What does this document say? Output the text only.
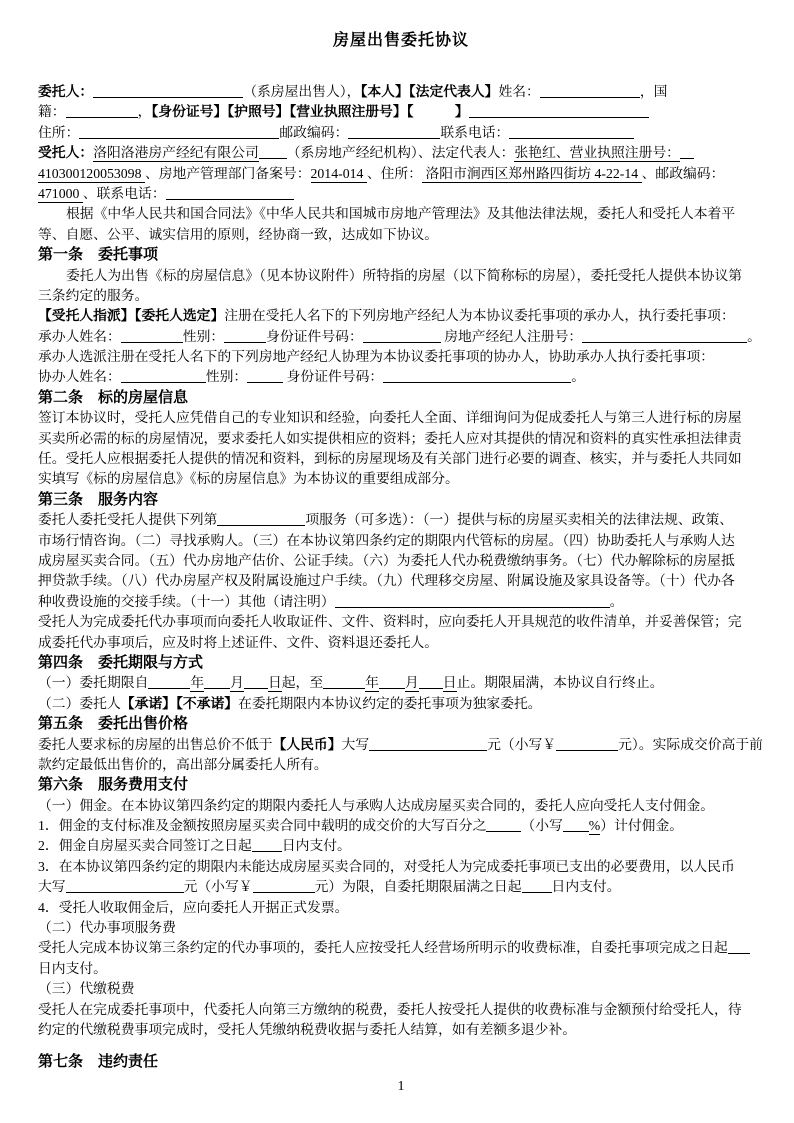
房屋出售委托协议
委托人：	（系房屋出售人），【本人】【法定代表人】姓名：	，国
籍：	，【身份证号】【护照号】【营业执照注册号】【　　　	】
住所：	邮政编码：	联系电话：
受托人：洛阳洛港房产经纪有限公司 （系房地产经纪机构）、法定代表人：张艳红、营业执照注册号：
410300120053098 、房地产管理部门备案号：2014-014 、住所： 洛阳市涧西区郑州路四街坊 4-22-14 、邮政编码：
471000 、联系电话：
根据《中华人民共和国合同法》《中华人民共和国城市房地产管理法》及其他法律法规，委托人和受托人本着平
等、自愿、公平、诚实信用的原则，经协商一致，达成如下协议。
第一条　委托事项
委托人为出售《标的房屋信息》（见本协议附件）所特指的房屋（以下简称标的房屋），委托受托人提供本协议第
三条约定的服务。
【受托人指派】【委托人选定】注册在受托人名下的下列房地产经纪人为本协议委托事项的承办人，执行委托事项：
承办人姓名：	性别：	身份证件号码：	房地产经纪人注册号：	。
承办人选派注册在受托人名下的下列房地产经纪人协理为本协议委托事项的协办人，协助承办人执行委托事项：
协办人姓名：	性别：	身份证件号码：	。
第二条　标的房屋信息
签订本协议时，受托人应凭借自己的专业知识和经验，向委托人全面、详细询问为促成委托人与第三人进行标的房屋
买卖所必需的标的房屋情况，要求委托人如实提供相应的资料；委托人应对其提供的情况和资料的真实性承担法律责
任。受托人应根据委托人提供的情况和资料，到标的房屋现场及有关部门进行必要的调查、核实，并与委托人共同如
实填写《标的房屋信息》《标的房屋信息》为本协议的重要组成部分。
第三条　服务内容
委托人委托受托人提供下列第	项服务（可多选）：（一）提供与标的房屋买卖相关的法律法规、政策、
市场行情咨询。（二）寻找承购人。（三）在本协议第四条约定的期限内代管标的房屋。（四）协助委托人与承购人达
成房屋买卖合同。（五）代办房地产估价、公证手续。（六）为委托人代办税费缴纳事务。（七）代办解除标的房屋抵
押贷款手续。（八）代办房屋产权及附属设施过户手续。（九）代理移交房屋、附属设施及家具设备等。（十）代办各
种收费设施的交接手续。（十一）其他（请注明）	。
受托人为完成委托代办事项而向委托人收取证件、文件、资料时，应向委托人开具规范的收件清单，并妥善保管；完
成委托代办事项后，应及时将上述证件、文件、资料退还委托人。
第四条　委托期限与方式
（一）委托期限自	年 月 日起，至	年 月 日止。期限届满，本协议自行终止。
（二）委托人【承诺】【不承诺】在委托期限内本协议约定的委托事项为独家委托。
第五条　委托出售价格
委托人要求标的房屋的出售总价不低于【人民币】大写	元（小写￥	元）。实际成交价高于前
款约定最低出售价的，高出部分属委托人所有。
第六条　服务费用支付
（一）佣金。在本协议第四条约定的期限内委托人与承购人达成房屋买卖合同的，委托人应向受托人支付佣金。
1．佣金的支付标准及金额按照房屋买卖合同中载明的成交价的大写百分之	（小写 %）计付佣金。
2．佣金自房屋买卖合同签订之日起 日内支付。
3．在本协议第四条约定的期限内未能达成房屋买卖合同的，对受托人为完成委托事项已支出的必要费用，以人民币
大写	元（小写￥	元）为限，自委托期限届满之日起 日内支付。
4．受托人收取佣金后，应向委托人开据正式发票。
（二）代办事项服务费
受托人完成本协议第三条约定的代办事项的，委托人应按受托人经营场所明示的收费标准，自委托事项完成之日起
日内支付。
（三）代缴税费
受托人在完成委托事项中，代委托人向第三方缴纳的税费，委托人按受托人提供的收费标准与金额预付给受托人，待
约定的代缴税费事项完成时，受托人凭缴纳税费收据与委托人结算，如有差额多退少补。
第七条　违约责任
1
